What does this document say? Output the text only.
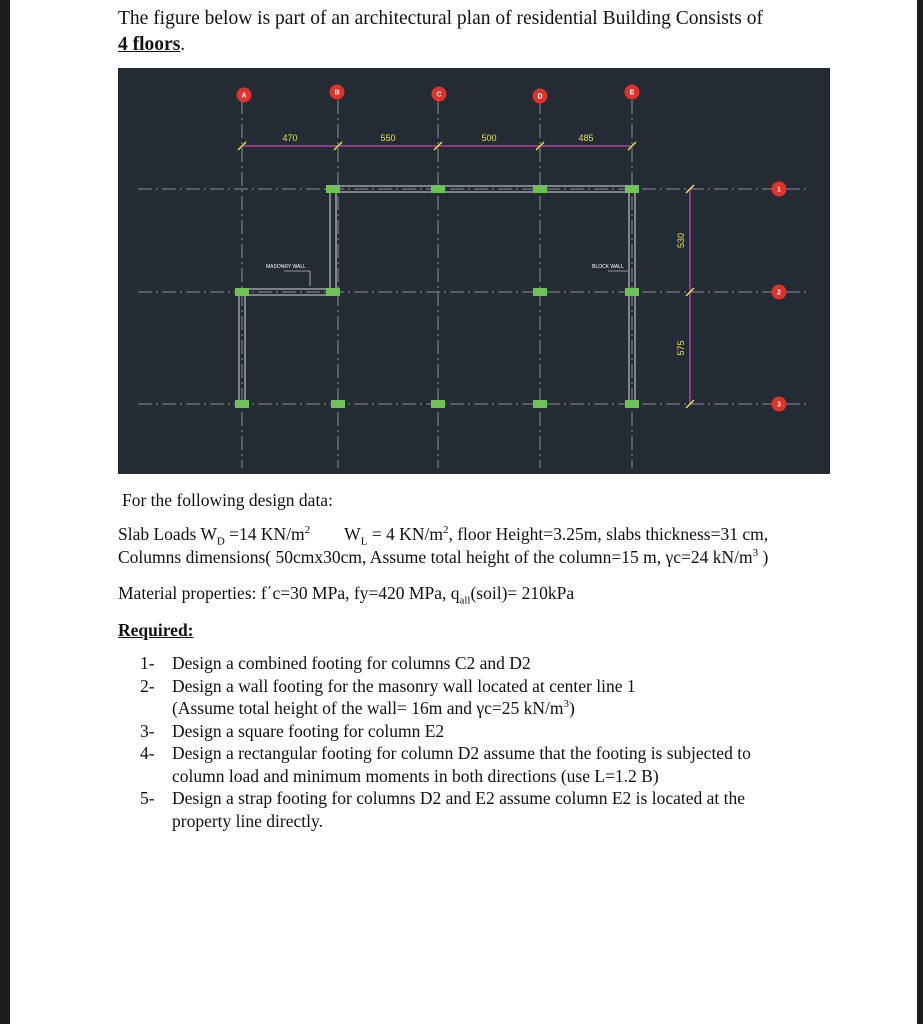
The figure below is part of an architectural plan of residential Building Consists of
4 floors.
470	550	500	485
530
575
MASONRY WALL	BLOCK WALL
A	B	C	D
E
1
2
3
For the following design data:
Slab Loads $W_D =14$ $KN/m^2$ $W_L = 4$ $KN/m^2$, floor Height=3.25m, slabs thickness=31 cm,
Columns dimensions( 50cmx30cm, Assume total height of the column=15 m, γc=24 $kN/m^3$ )
Material properties: f΄c=30 MPa, fy=420 MPa, $q_{all}(soil)= 210kPa$
Required:
1- Design a combined footing for columns C2 and D2
2- Design a wall footing for the masonry wall located at center line 1
(Assume total height of the wall= 16m and γc=25 $kN/m^3$)
3- Design a square footing for column E2
4- Design a rectangular footing for column D2 assume that the footing is subjected to
column load and minimum moments in both directions (use L=1.2 B)
5- Design a strap footing for columns D2 and E2 assume column E2 is located at the
property line directly.
